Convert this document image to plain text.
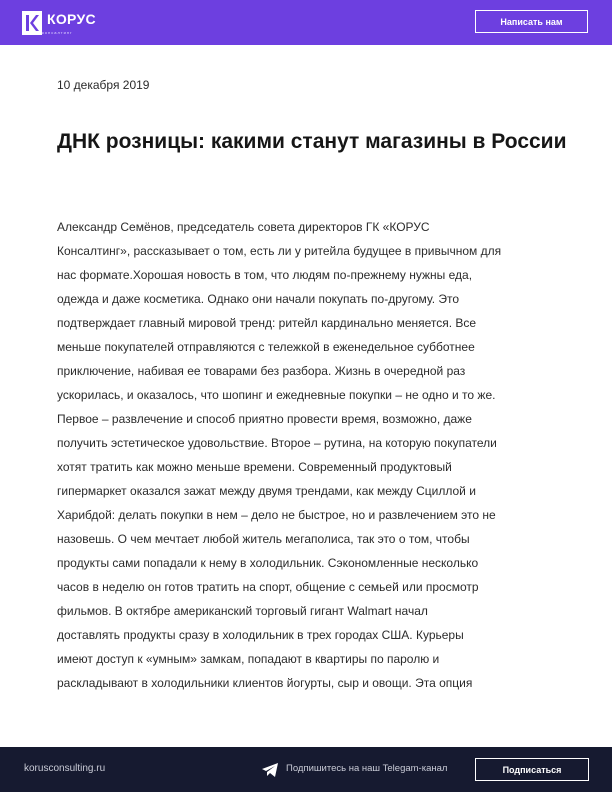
КОРУС
консалтинг
Написать нам
10 декабря 2019
ДНК розницы: какими станут магазины в России
Александр Семёнов, председатель совета директоров ГК «КОРУС
Консалтинг», рассказывает о том, есть ли у ритейла будущее в привычном для
нас формате.Хорошая новость в том, что людям по-прежнему нужны еда,
одежда и даже косметика. Однако они начали покупать по-другому. Это
подтверждает главный мировой тренд: ритейл кардинально меняется. Все
меньше покупателей отправляются с тележкой в еженедельное субботнее
приключение, набивая ее товарами без разбора. Жизнь в очередной раз
ускорилась, и оказалось, что шопинг и ежедневные покупки – не одно и то же.
Первое – развлечение и способ приятно провести время, возможно, даже
получить эстетическое удовольствие. Второе – рутина, на которую покупатели
хотят тратить как можно меньше времени. Современный продуктовый
гипермаркет оказался зажат между двумя трендами, как между Сциллой и
Харибдой: делать покупки в нем – дело не быстрое, но и развлечением это не
назовешь. О чем мечтает любой житель мегаполиса, так это о том, чтобы
продукты сами попадали к нему в холодильник. Сэкономленные несколько
часов в неделю он готов тратить на спорт, общение с семьей или просмотр
фильмов. В октябре американский торговый гигант Walmart начал
доставлять продукты сразу в холодильник в трех городах США. Курьеры
имеют доступ к «умным» замкам, попадают в квартиры по паролю и
раскладывают в холодильники клиентов йогурты, сыр и овощи. Эта опция
korusconsulting.ru	Подпишитесь на наш Telegam-канал	Подписаться
